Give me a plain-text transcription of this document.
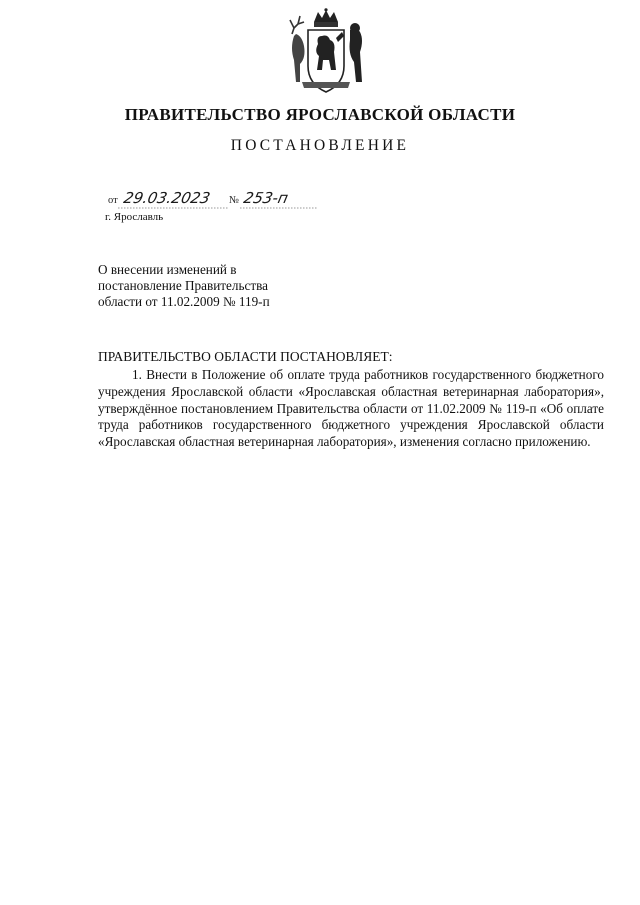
ПРАВИТЕЛЬСТВО ЯРОСЛАВСКОЙ ОБЛАСТИ
ПОСТАНОВЛЕНИЕ
от 29.03.2023 № 253-п
г. Ярославль
О внесении изменений в
постановление Правительства
области от 11.02.2009 № 119-п
ПРАВИТЕЛЬСТВО ОБЛАСТИ ПОСТАНОВЛЯЕТ:
1. Внести в Положение об оплате труда работников государственного бюджетного учреждения Ярославской области «Ярославская областная ветеринарная лаборатория», утверждённое постановлением Правительства области от 11.02.2009 № 119-п «Об оплате труда работников государственного бюджетного учреждения Ярославской области «Ярославская областная ветеринарная лаборатория», изменения согласно приложению.
